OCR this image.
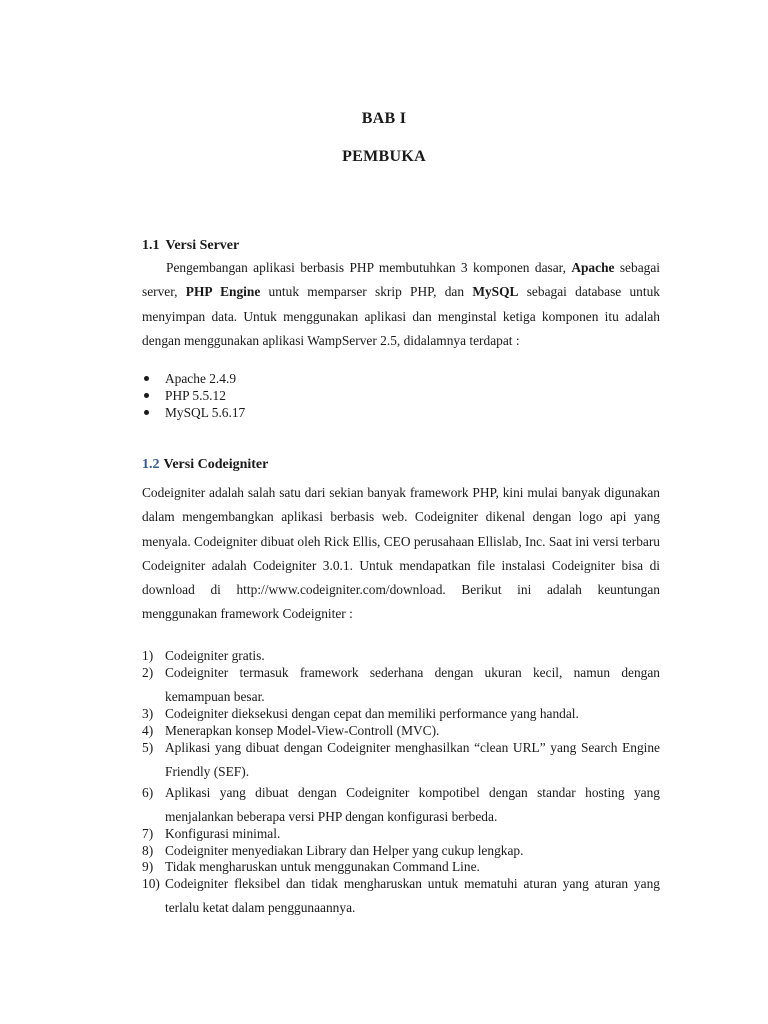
BAB I
PEMBUKA
1.1 Versi Server

Pengembangan aplikasi berbasis PHP membutuhkan 3 komponen dasar, Apache sebagai server, PHP Engine untuk memparser skrip PHP, dan MySQL sebagai database untuk menyimpan data. Untuk menggunakan aplikasi dan menginstal ketiga komponen itu adalah dengan menggunakan aplikasi WampServer 2.5, didalamnya terdapat :

Apache 2.4.9
PHP 5.5.12
MySQL 5.6.17
1.2 Versi Codeigniter

Codeigniter adalah salah satu dari sekian banyak framework PHP, kini mulai banyak digunakan dalam mengembangkan aplikasi berbasis web. Codeigniter dikenal dengan logo api yang menyala. Codeigniter dibuat oleh Rick Ellis, CEO perusahaan Ellislab, Inc. Saat ini versi terbaru Codeigniter adalah Codeigniter 3.0.1. Untuk mendapatkan file instalasi Codeigniter bisa di download di http://www.codeigniter.com/download. Berikut ini adalah keuntungan menggunakan framework Codeigniter :

1) Codeigniter gratis.
2) Codeigniter termasuk framework sederhana dengan ukuran kecil, namun dengan kemampuan besar.
3) Codeigniter dieksekusi dengan cepat dan memiliki performance yang handal.
4) Menerapkan konsep Model-View-Controll (MVC).
5) Aplikasi yang dibuat dengan Codeigniter menghasilkan “clean URL” yang Search Engine Friendly (SEF).
6) Aplikasi yang dibuat dengan Codeigniter kompotibel dengan standar hosting yang menjalankan beberapa versi PHP dengan konfigurasi berbeda.
7) Konfigurasi minimal.
8) Codeigniter menyediakan Library dan Helper yang cukup lengkap.
9) Tidak mengharuskan untuk menggunakan Command Line.
10) Codeigniter fleksibel dan tidak mengharuskan untuk mematuhi aturan yang aturan yang terlalu ketat dalam penggunaannya.
